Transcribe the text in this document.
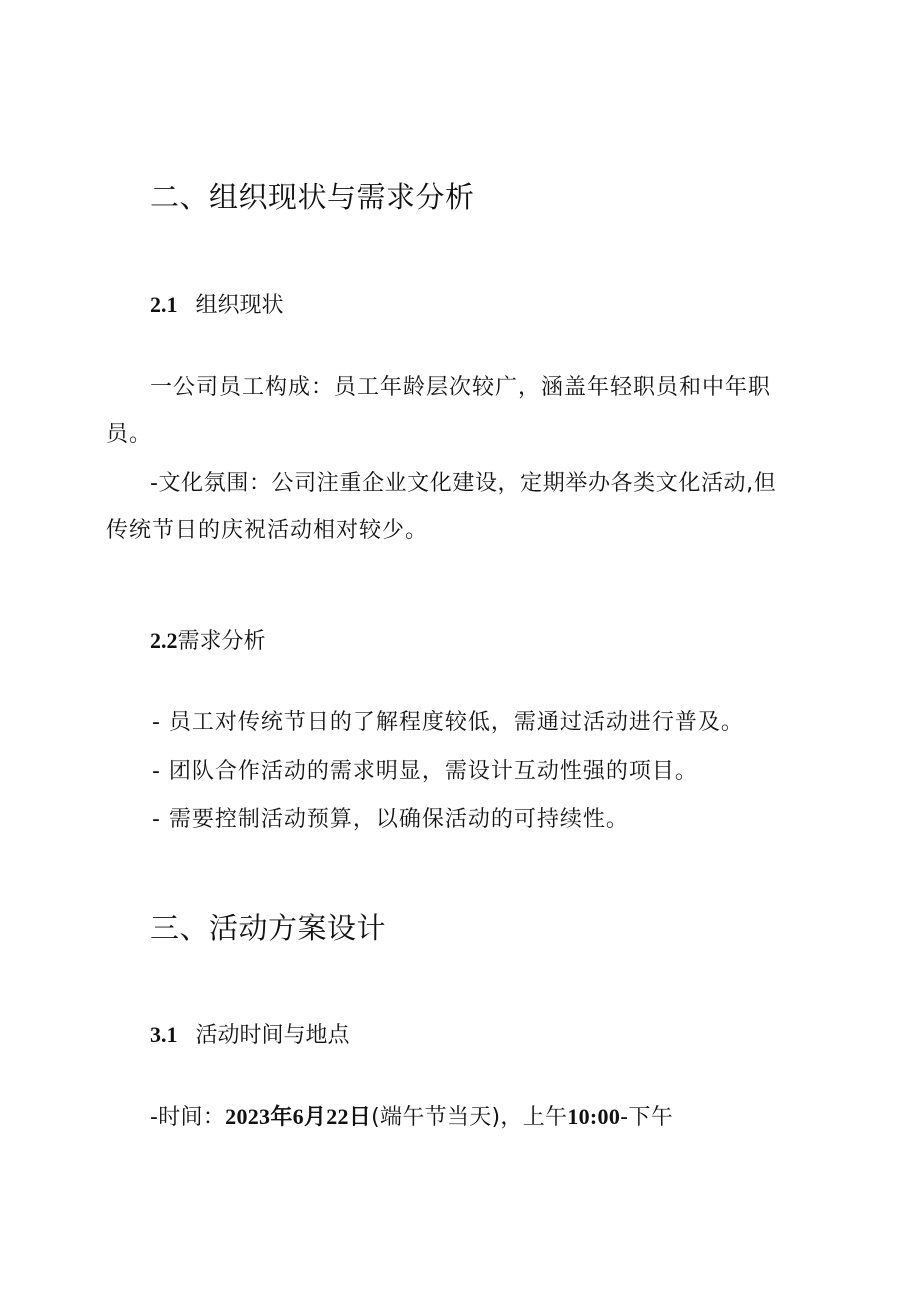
二、组织现状与需求分析
2.1 组织现状
一公司员工构成：员工年龄层次较广，涵盖年轻职员和中年职
员。
-文化氛围：公司注重企业文化建设，定期举办各类文化活动,但
传统节日的庆祝活动相对较少。
2.2需求分析
- 员工对传统节日的了解程度较低，需通过活动进行普及。
- 团队合作活动的需求明显，需设计互动性强的项目。
- 需要控制活动预算，以确保活动的可持续性。
三、活动方案设计
3.1 活动时间与地点
-时间：2023年6月22日(端午节当天)，上午10:00-下午
